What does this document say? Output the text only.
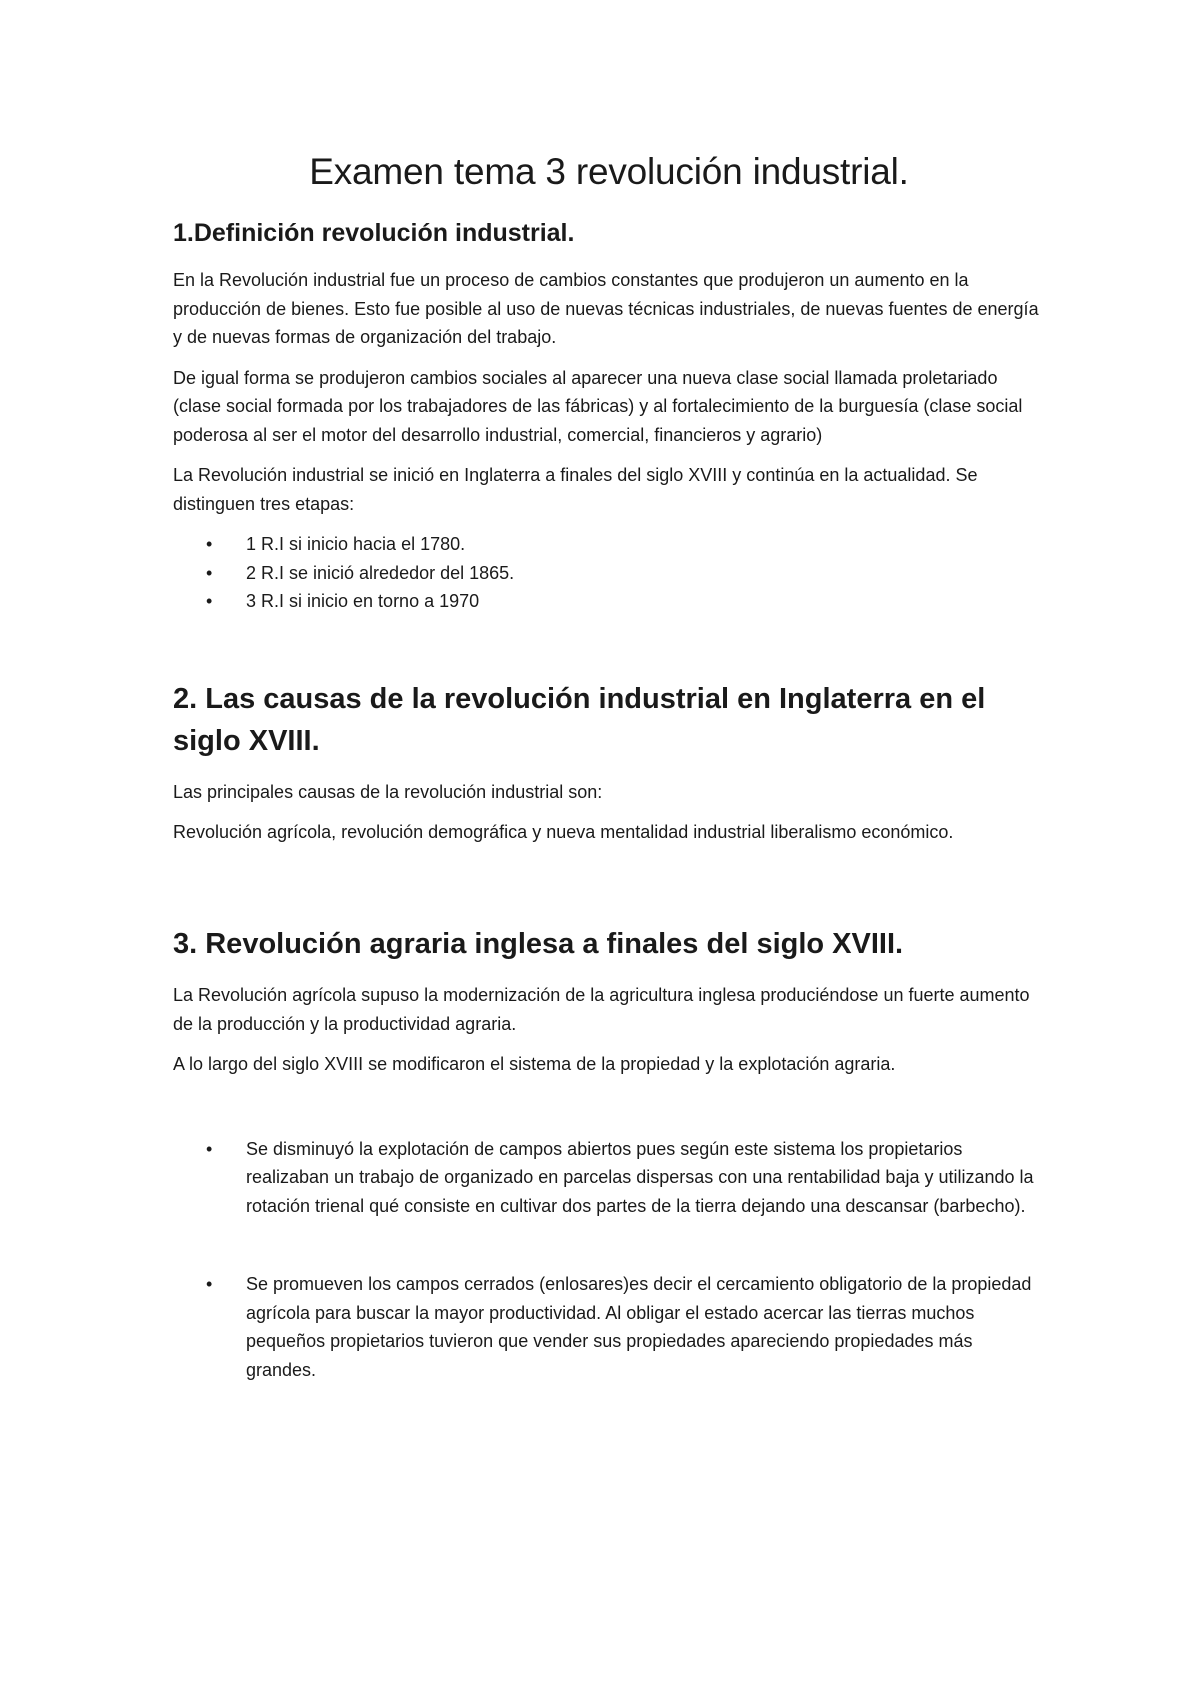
Examen tema 3 revolución industrial.
1.Definición revolución industrial.

En la Revolución industrial fue un proceso de cambios constantes que produjeron un aumento en la producción de bienes. Esto fue posible al uso de nuevas técnicas industriales, de nuevas fuentes de energía y de nuevas formas de organización del trabajo.

De igual forma se produjeron cambios sociales al aparecer una nueva clase social llamada proletariado (clase social formada por los trabajadores de las fábricas) y al fortalecimiento de la burguesía (clase social poderosa al ser el motor del desarrollo industrial, comercial, financieros y agrario)

La Revolución industrial se inició en Inglaterra a finales del siglo XVIII y continúa en la actualidad. Se distinguen tres etapas:

• 1 R.I si inicio hacia el 1780.
• 2 R.I se inició alrededor del 1865.
• 3 R.I si inicio en torno a 1970
2. Las causas de la revolución industrial en Inglaterra en el siglo XVIII.

Las principales causas de la revolución industrial son:

Revolución agrícola, revolución demográfica y nueva mentalidad industrial liberalismo económico.

3. Revolución agraria inglesa a finales del siglo XVIII.

La Revolución agrícola supuso la modernización de la agricultura inglesa produciéndose un fuerte aumento de la producción y la productividad agraria.

A lo largo del siglo XVIII se modificaron el sistema de la propiedad y la explotación agraria.

• Se disminuyó la explotación de campos abiertos pues según este sistema los propietarios realizaban un trabajo de organizado en parcelas dispersas con una rentabilidad baja y utilizando la rotación trienal qué consiste en cultivar dos partes de la tierra dejando una descansar (barbecho).
• Se promueven los campos cerrados (enlosares)es decir el cercamiento obligatorio de la propiedad agrícola para buscar la mayor productividad. Al obligar el estado acercar las tierras muchos pequeños propietarios tuvieron que vender sus propiedades apareciendo propiedades más grandes.
